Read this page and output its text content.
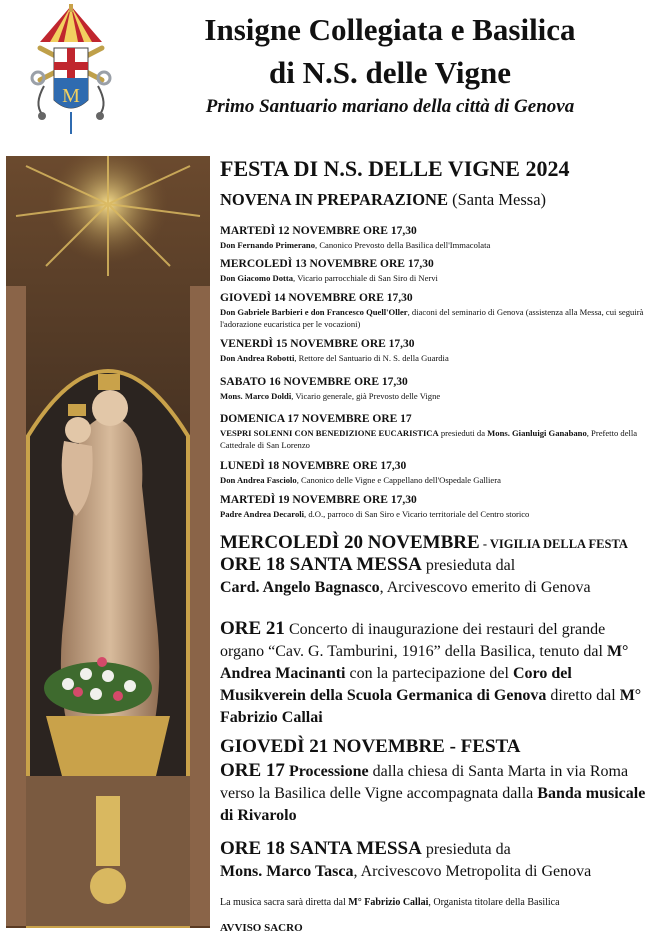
M
Insigne Collegiata e Basilica
di N.S. delle Vigne
Primo Santuario mariano della città di Genova
FESTA DI N.S. DELLE VIGNE 2024
NOVENA IN PREPARAZIONE (Santa Messa)
MARTEDÌ 12 NOVEMBRE ORE 17,30
Don Fernando Primerano, Canonico Prevosto della Basilica dell'Immacolata
MERCOLEDÌ 13 NOVEMBRE ORE 17,30
Don Giacomo Dotta, Vicario parrocchiale di San Siro di Nervi
GIOVEDÌ 14 NOVEMBRE ORE 17,30
Don Gabriele Barbieri e don Francesco Quell'Oller, diaconi del seminario di Genova (assistenza alla Messa, cui seguirà l'adorazione eucaristica per le vocazioni)
VENERDÌ 15 NOVEMBRE ORE 17,30
Don Andrea Robotti, Rettore del Santuario di N. S. della Guardia
SABATO 16 NOVEMBRE ORE 17,30
Mons. Marco Doldi, Vicario generale, già Prevosto delle Vigne
DOMENICA 17 NOVEMBRE ORE 17
VESPRI SOLENNI CON BENEDIZIONE EUCARISTICA presieduti da Mons. Gianluigi Ganabano, Prefetto della Cattedrale di San Lorenzo
LUNEDÌ 18 NOVEMBRE ORE 17,30
Don Andrea Fasciolo, Canonico delle Vigne e Cappellano dell'Ospedale Galliera
MARTEDÌ 19 NOVEMBRE ORE 17,30
Padre Andrea Decaroli, d.O., parroco di San Siro e Vicario territoriale del Centro storico
MERCOLEDÌ 20 NOVEMBRE - VIGILIA DELLA FESTA
ORE 18 SANTA MESSA presieduta dal
Card. Angelo Bagnasco, Arcivescovo emerito di Genova
ORE 21 Concerto di inaugurazione dei restauri del grande organo “Cav. G. Tamburini, 1916” della Basilica, tenuto dal M° Andrea Macinanti con la partecipazione del Coro del Musikverein della Scuola Germanica di Genova diretto dal M° Fabrizio Callai
GIOVEDÌ 21 NOVEMBRE - FESTA
ORE 17 Processione dalla chiesa di Santa Marta in via Roma verso la Basilica delle Vigne accompagnata dalla Banda musicale di Rivarolo
ORE 18 SANTA MESSA presieduta da
Mons. Marco Tasca, Arcivescovo Metropolita di Genova
La musica sacra sarà diretta dal M° Fabrizio Callai, Organista titolare della Basilica
AVVISO SACRO
